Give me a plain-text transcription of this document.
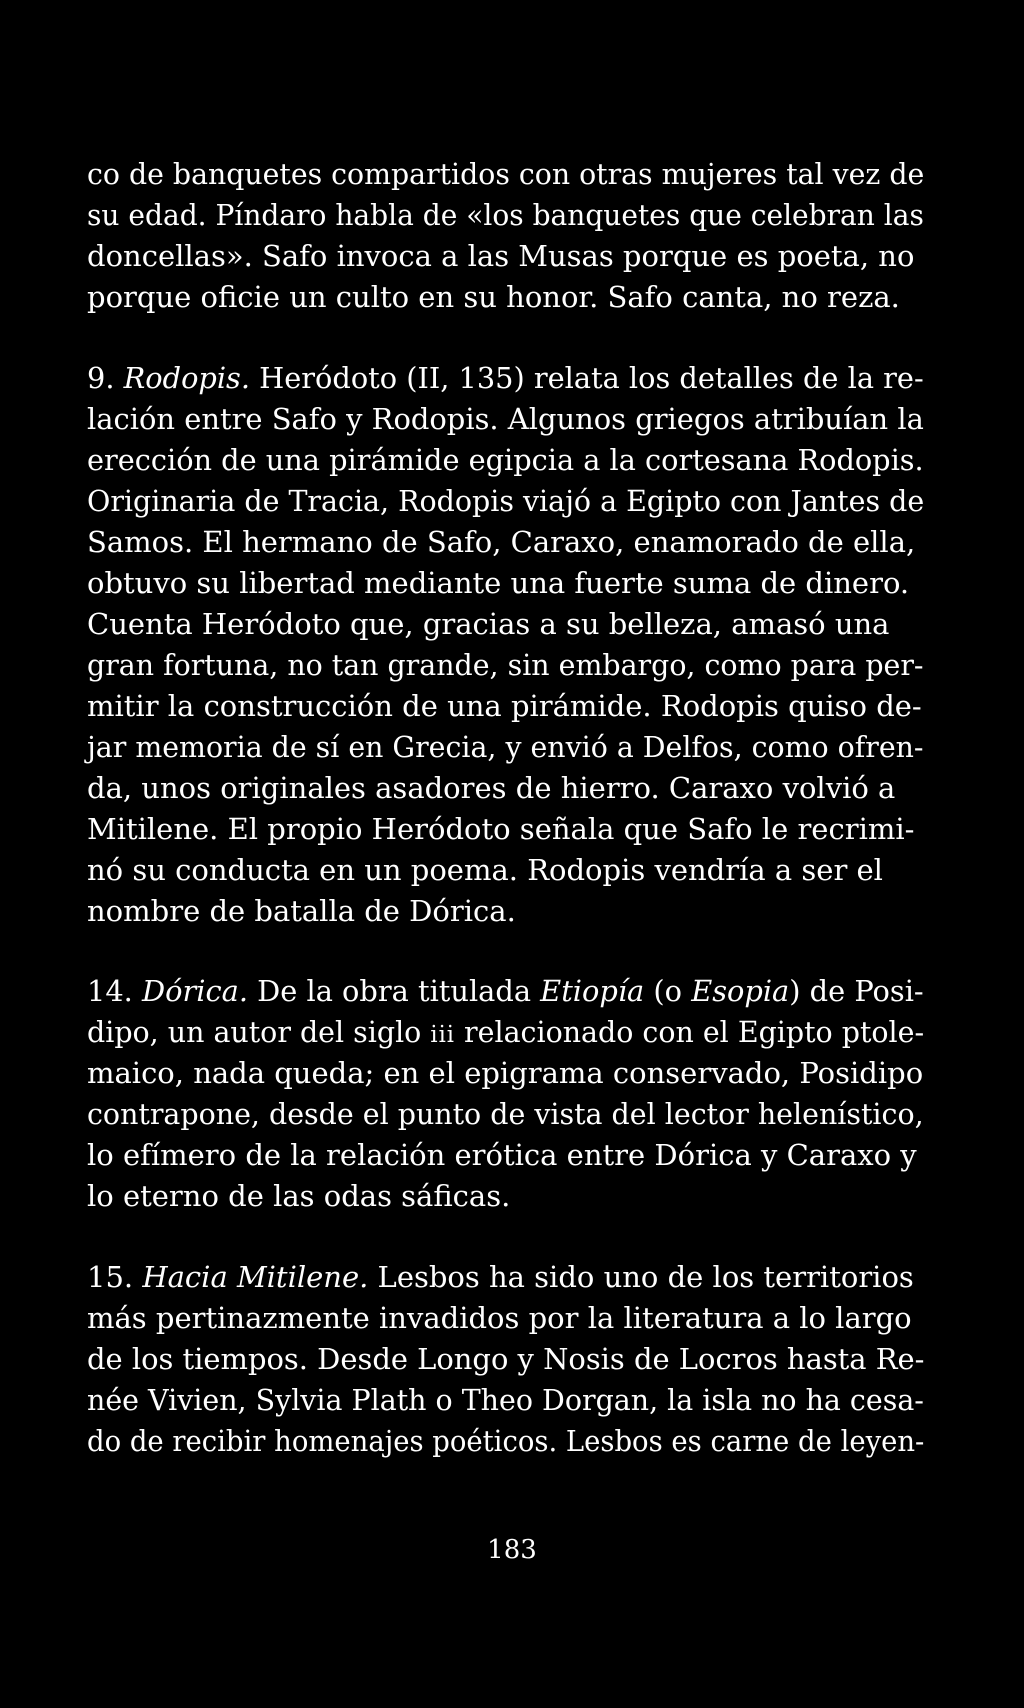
co de banquetes compartidos con otras mujeres tal vez de
su edad. Píndaro habla de «los banquetes que celebran las
doncellas». Safo invoca a las Musas porque es poeta, no
porque oficie un culto en su honor. Safo canta, no reza.
9. Rodopis. Heródoto (II, 135) relata los detalles de la re-
lación entre Safo y Rodopis. Algunos griegos atribuían la
erección de una pirámide egipcia a la cortesana Rodopis.
Originaria de Tracia, Rodopis viajó a Egipto con Jantes de
Samos. El hermano de Safo, Caraxo, enamorado de ella,
obtuvo su libertad mediante una fuerte suma de dinero.
Cuenta Heródoto que, gracias a su belleza, amasó una
gran fortuna, no tan grande, sin embargo, como para per-
mitir la construcción de una pirámide. Rodopis quiso de-
jar memoria de sí en Grecia, y envió a Delfos, como ofren-
da, unos originales asadores de hierro. Caraxo volvió a
Mitilene. El propio Heródoto señala que Safo le recrimi-
nó su conducta en un poema. Rodopis vendría a ser el
nombre de batalla de Dórica.
14. Dórica. De la obra titulada Etiopía (o Esopia) de Posi-
dipo, un autor del siglo iii relacionado con el Egipto ptole-
maico, nada queda; en el epigrama conservado, Posidipo
contrapone, desde el punto de vista del lector helenístico,
lo efímero de la relación erótica entre Dórica y Caraxo y
lo eterno de las odas sáficas.
15. Hacia Mitilene. Lesbos ha sido uno de los territorios
más pertinazmente invadidos por la literatura a lo largo
de los tiempos. Desde Longo y Nosis de Locros hasta Re-
née Vivien, Sylvia Plath o Theo Dorgan, la isla no ha cesa-
do de recibir homenajes poéticos. Lesbos es carne de leyen-
183
